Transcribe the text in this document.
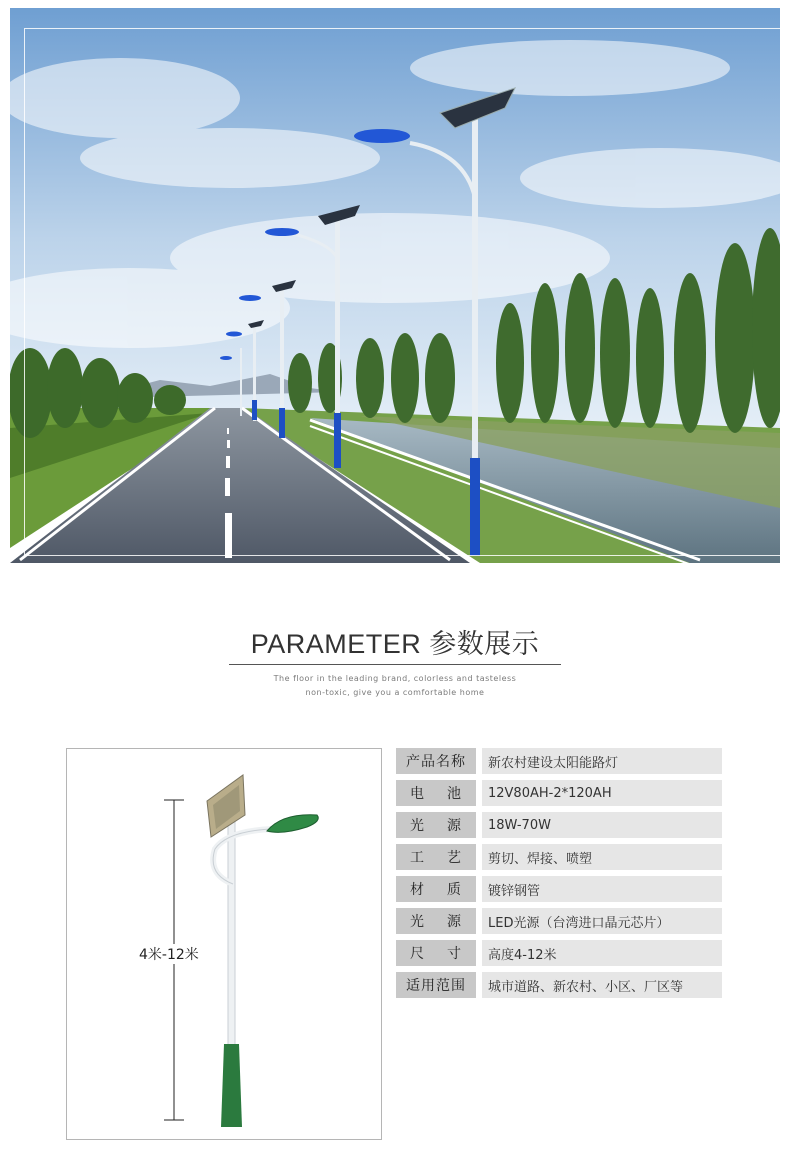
PARAMETER 参数展示
The floor in the leading brand, colorless and tasteless
non-toxic, give you a comfortable home
4米-12米
产品名称	新农村建设太阳能路灯
电 池	12V80AH-2*120AH
光 源	18W-70W
工 艺	剪切、焊接、喷塑
材 质	镀锌钢管
光 源	LED光源（台湾进口晶元芯片）
尺 寸	高度4-12米
适用范围	城市道路、新农村、小区、厂区等
